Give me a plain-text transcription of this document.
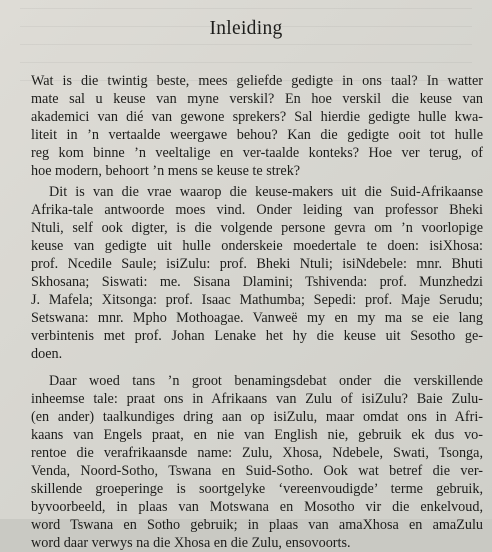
Inleiding
Wat is die twintig beste, mees geliefde gedigte in ons taal? In watter
mate sal u keuse van myne verskil? En hoe verskil die keuse van
akademici van dié van gewone sprekers? Sal hierdie gedigte hulle kwa-
liteit in ’n vertaalde weergawe behou? Kan die gedigte ooit tot hulle
reg kom binne ’n veeltalige en ver-taalde konteks? Hoe ver terug, of
hoe modern, behoort ’n mens se keuse te strek?
Dit is van die vrae waarop die keuse-makers uit die Suid-Afrikaanse
Afrika-tale antwoorde moes vind. Onder leiding van professor Bheki
Ntuli, self ook digter, is die volgende persone gevra om ’n voorlopige
keuse van gedigte uit hulle onderskeie moedertale te doen: isiXhosa:
prof. Ncedile Saule; isiZulu: prof. Bheki Ntuli; isiNdebele: mnr. Bhuti
Skhosana; Siswati: me. Sisana Dlamini; Tshivenda: prof. Munzhedzi
J. Mafela; Xitsonga: prof. Isaac Mathumba; Sepedi: prof. Maje Serudu;
Setswana: mnr. Mpho Mothoagae. Vanweë my en my ma se eie lang
verbintenis met prof. Johan Lenake het hy die keuse uit Sesotho ge-
doen.
Daar woed tans ’n groot benamingsdebat onder die verskillende
inheemse tale: praat ons in Afrikaans van Zulu of isiZulu? Baie Zulu-
(en ander) taalkundiges dring aan op isiZulu, maar omdat ons in Afri-
kaans van Engels praat, en nie van English nie, gebruik ek dus vo-
rentoe die verafrikaansde name: Zulu, Xhosa, Ndebele, Swati, Tsonga,
Venda, Noord-Sotho, Tswana en Suid-Sotho. Ook wat betref die ver-
skillende groeperinge is soortgelyke ‘vereenvoudigde’ terme gebruik,
byvoorbeeld, in plaas van Motswana en Mosotho vir die enkelvoud,
word Tswana en Sotho gebruik; in plaas van amaXhosa en amaZulu
word daar verwys na die Xhosa en die Zulu, ensovoorts.
